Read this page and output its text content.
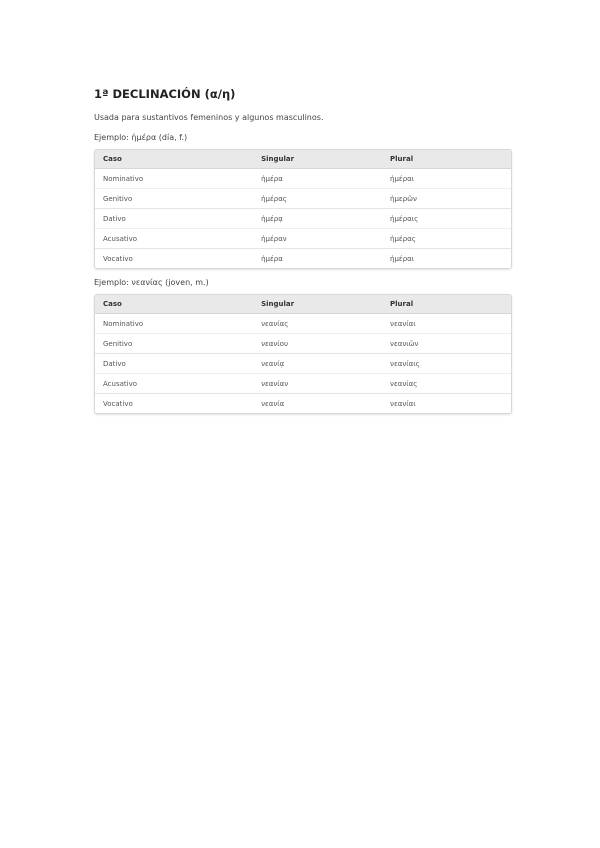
1ª DECLINACIÓN (α/η)

Usada para sustantivos femeninos y algunos masculinos.

Ejemplo: ἡμέρα (día, f.)

Caso	Singular	Plural
Nominativo	ἡμέρα	ἡμέραι
Genitivo	ἡμέρας	ἡμερῶν
Dativo	ἡμέρᾳ	ἡμέραις
Acusativo	ἡμέραν	ἡμέρας
Vocativo	ἡμέρα	ἡμέραι

Ejemplo: νεανίας (joven, m.)

Caso	Singular	Plural
Nominativo	νεανίας	νεανίαι
Genitivo	νεανίου	νεανιῶν
Dativo	νεανίᾳ	νεανίαις
Acusativo	νεανίαν	νεανίας
Vocativo	νεανία	νεανίαι
